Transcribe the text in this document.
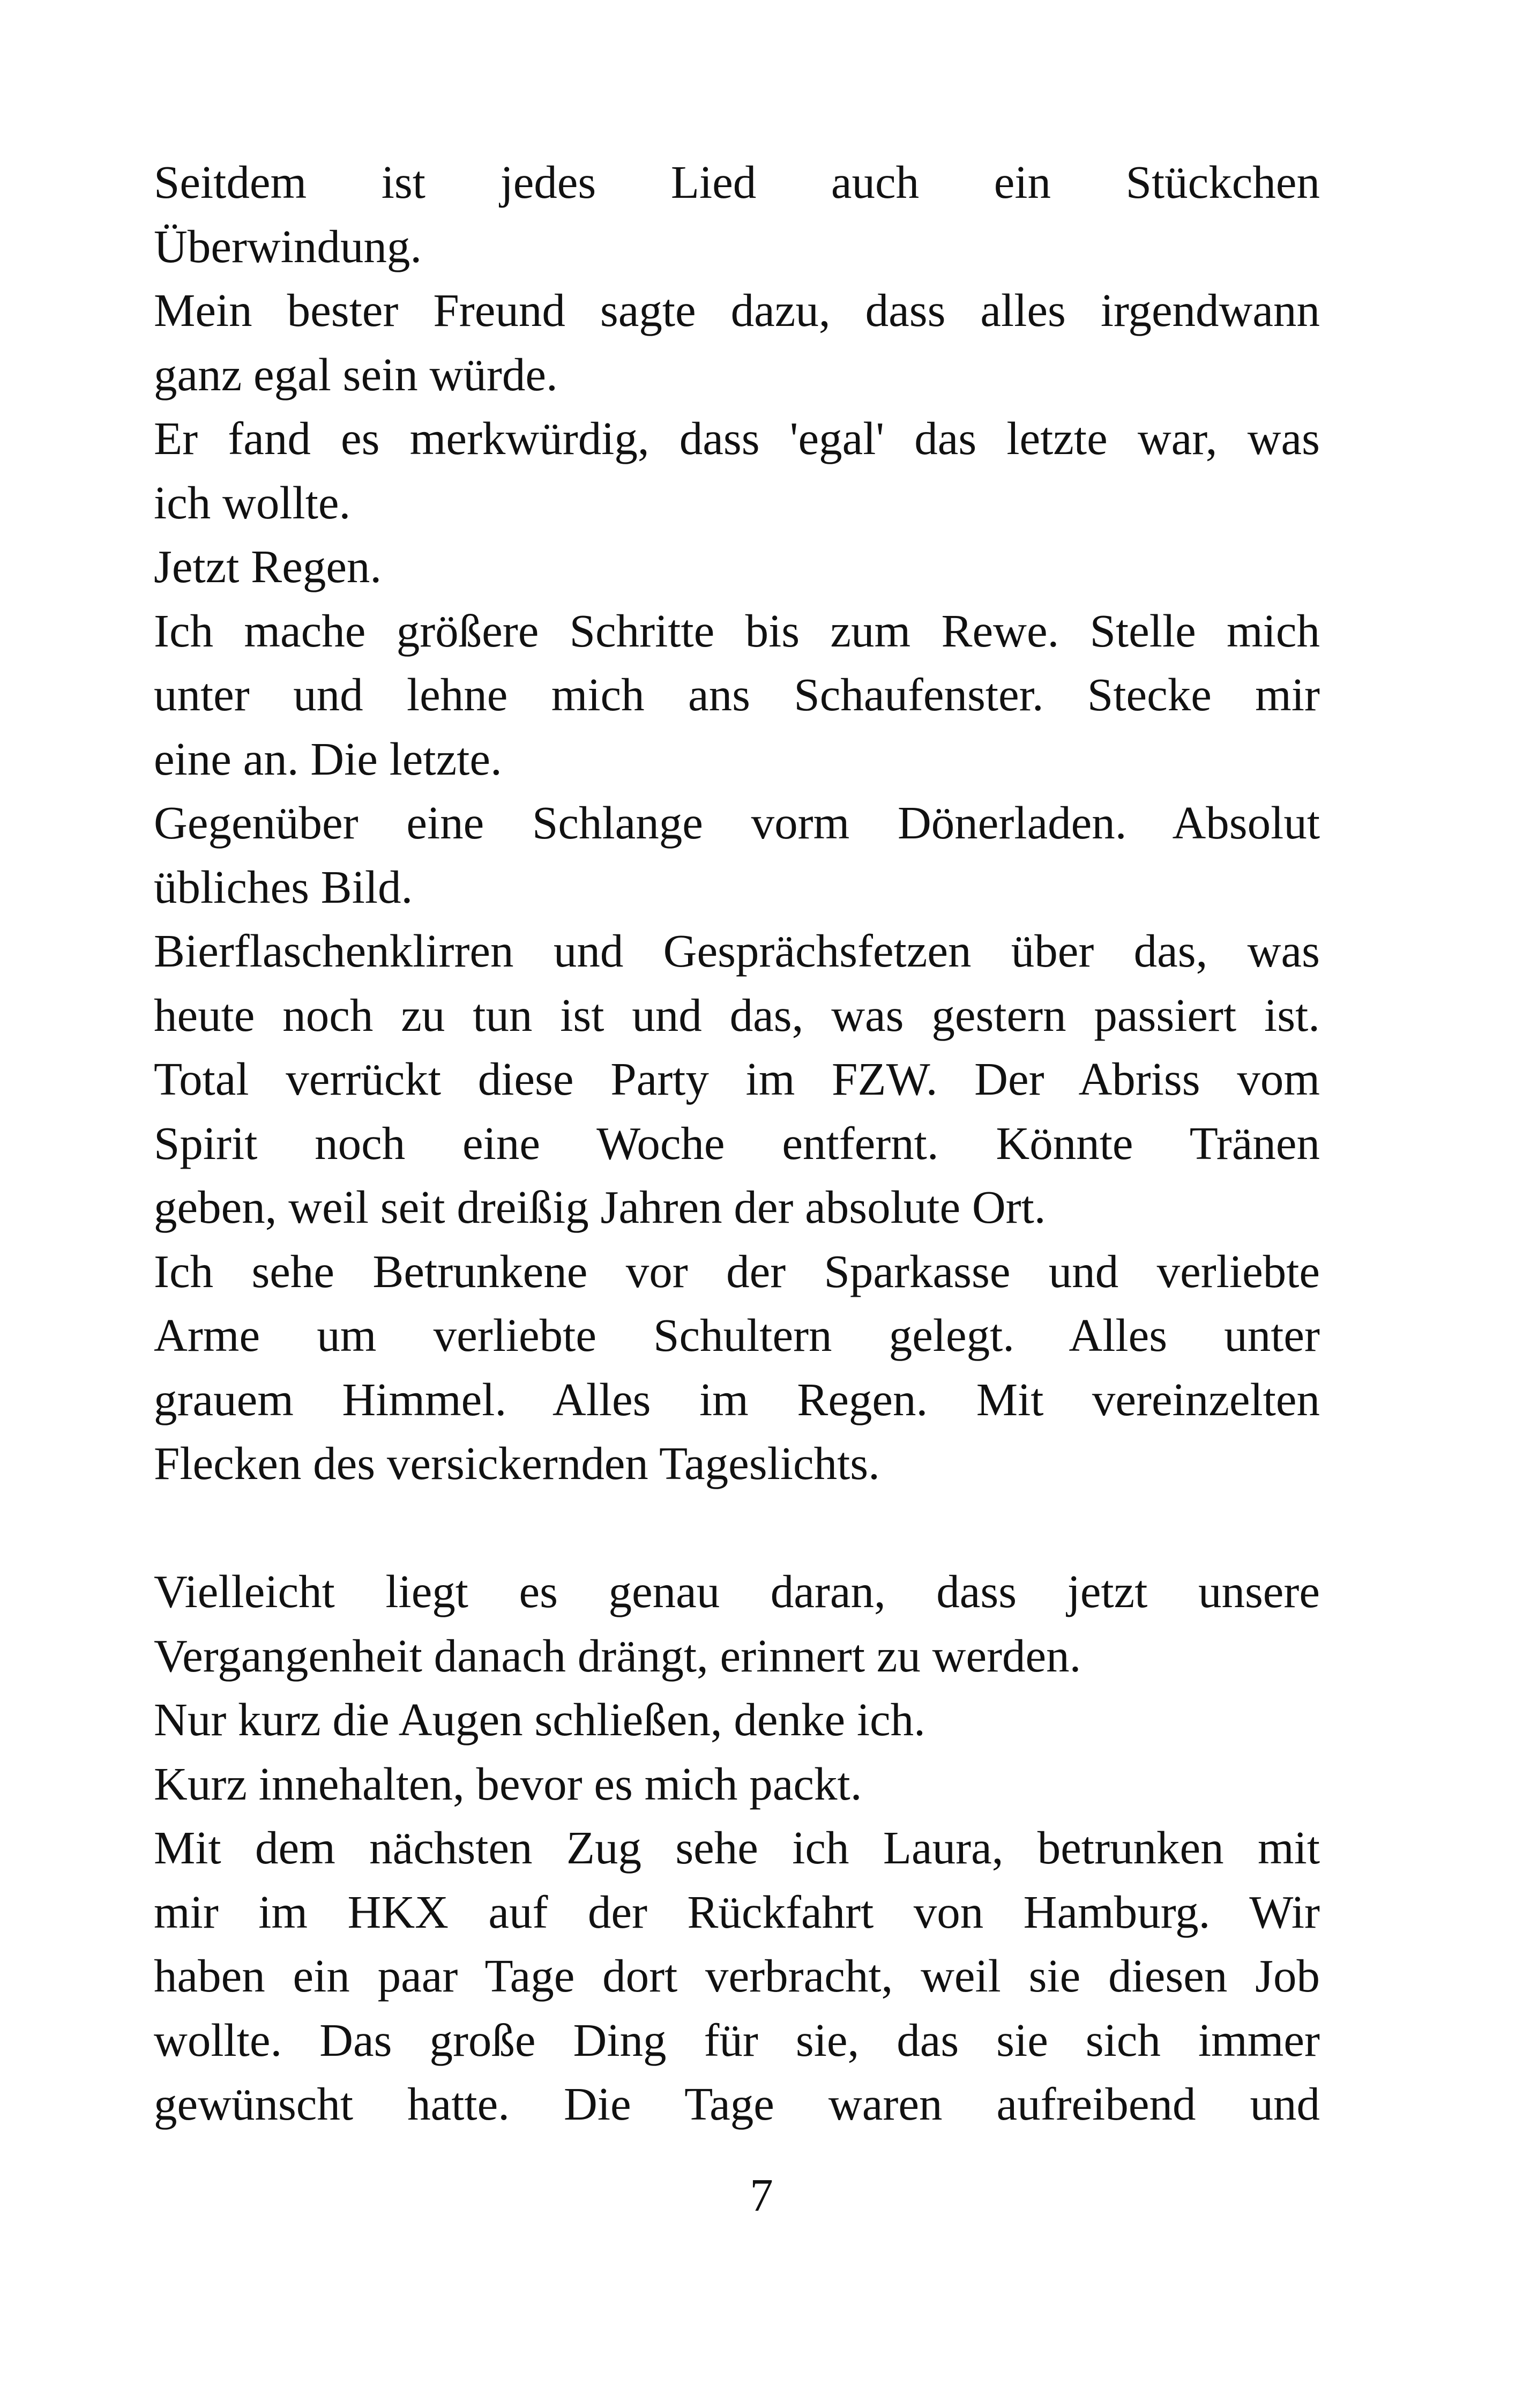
Seitdem ist jedes Lied auch ein Stückchen
Überwindung.
Mein bester Freund sagte dazu, dass alles irgendwann
ganz egal sein würde.
Er fand es merkwürdig, dass 'egal' das letzte war, was
ich wollte.
Jetzt Regen.
Ich mache größere Schritte bis zum Rewe. Stelle mich
unter und lehne mich ans Schaufenster. Stecke mir
eine an. Die letzte.
Gegenüber eine Schlange vorm Dönerladen. Absolut
übliches Bild.
Bierflaschenklirren und Gesprächsfetzen über das, was
heute noch zu tun ist und das, was gestern passiert ist.
Total verrückt diese Party im FZW. Der Abriss vom
Spirit noch eine Woche entfernt. Könnte Tränen
geben, weil seit dreißig Jahren der absolute Ort.
Ich sehe Betrunkene vor der Sparkasse und verliebte
Arme um verliebte Schultern gelegt. Alles unter
grauem Himmel. Alles im Regen. Mit vereinzelten
Flecken des versickernden Tageslichts.
Vielleicht liegt es genau daran, dass jetzt unsere
Vergangenheit danach drängt, erinnert zu werden.
Nur kurz die Augen schließen, denke ich.
Kurz innehalten, bevor es mich packt.
Mit dem nächsten Zug sehe ich Laura, betrunken mit
mir im HKX auf der Rückfahrt von Hamburg. Wir
haben ein paar Tage dort verbracht, weil sie diesen Job
wollte. Das große Ding für sie, das sie sich immer
gewünscht hatte. Die Tage waren aufreibend und
7
